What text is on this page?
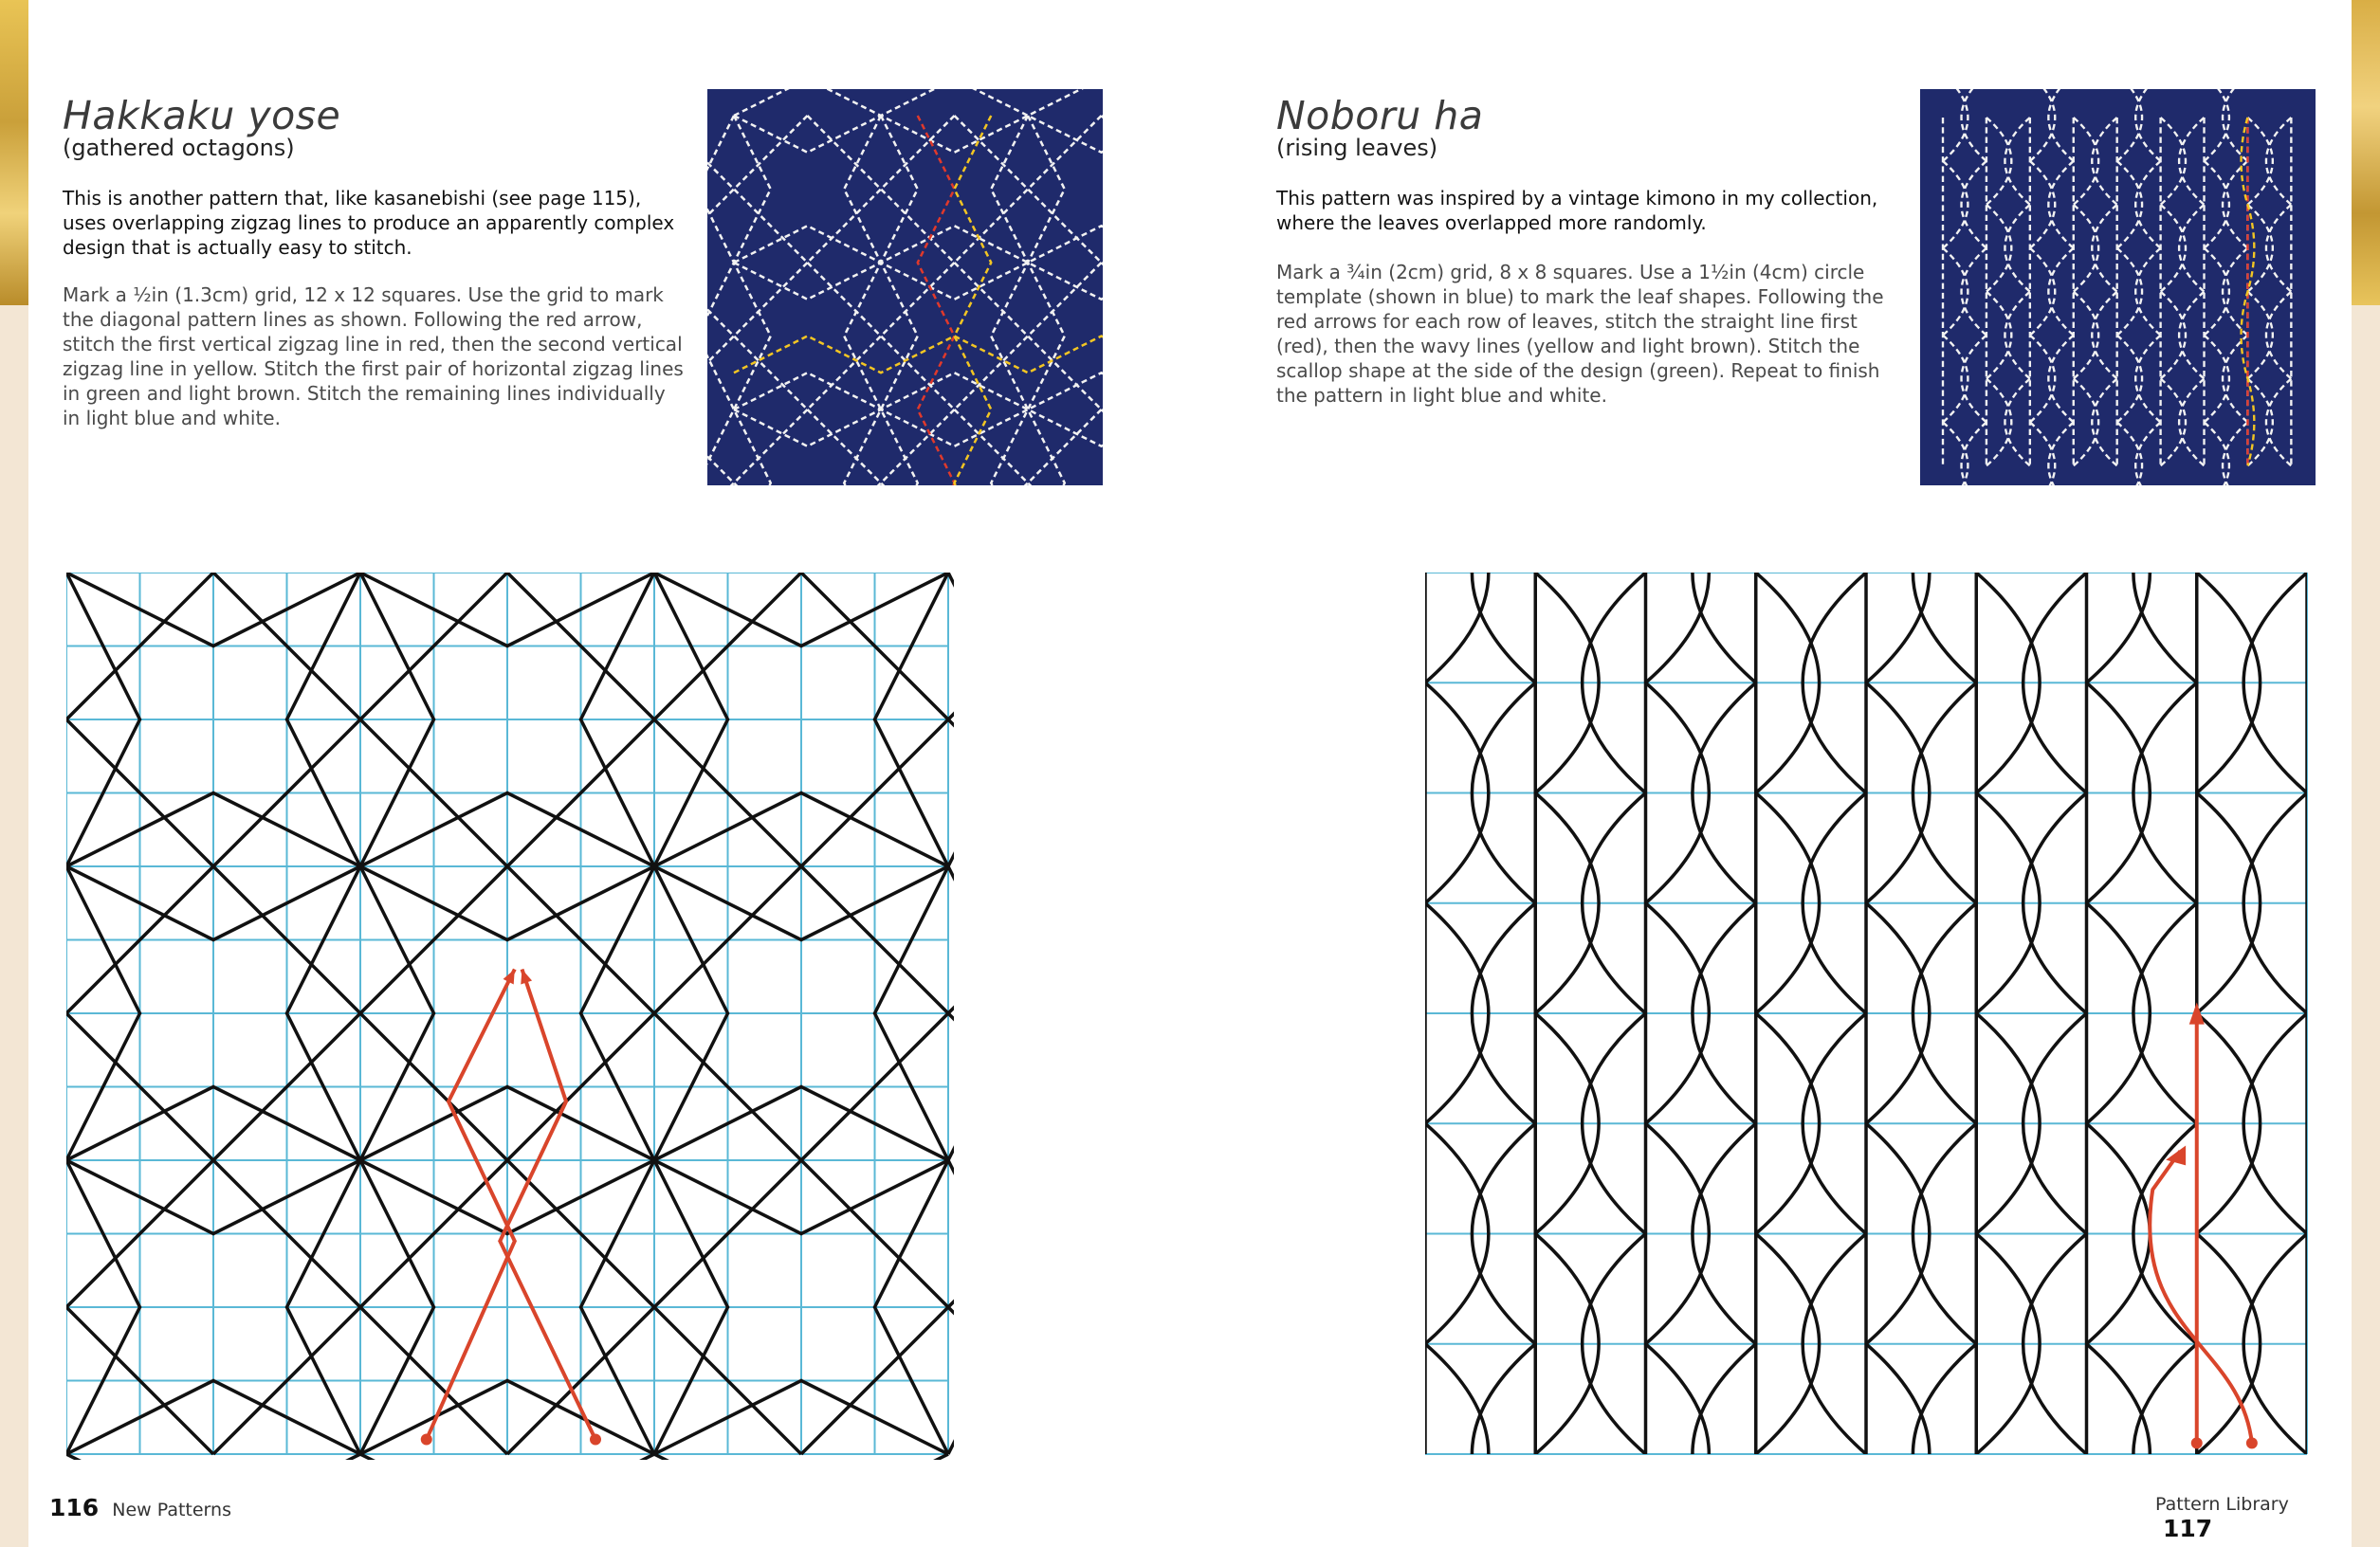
Hakkaku yose
(gathered octagons)
This is another pattern that, like kasanebishi (see page 115), uses overlapping zigzag lines to produce an apparently complex design that is actually easy to stitch.
Mark a ½in (1.3cm) grid, 12 x 12 squares. Use the grid to mark the diagonal pattern lines as shown. Following the red arrow, stitch the first vertical zigzag line in red, then the second vertical zigzag line in yellow. Stitch the first pair of horizontal zigzag lines in green and light brown. Stitch the remaining lines individually in light blue and white.
116 New Patterns
Noboru ha
(rising leaves)
This pattern was inspired by a vintage kimono in my collection, where the leaves overlapped more randomly.
Mark a ¾in (2cm) grid, 8 x 8 squares. Use a 1½in (4cm) circle template (shown in blue) to mark the leaf shapes. Following the red arrows for each row of leaves, stitch the straight line first (red), then the wavy lines (yellow and light brown). Stitch the scallop shape at the side of the design (green). Repeat to finish the pattern in light blue and white.
Pattern Library 117
